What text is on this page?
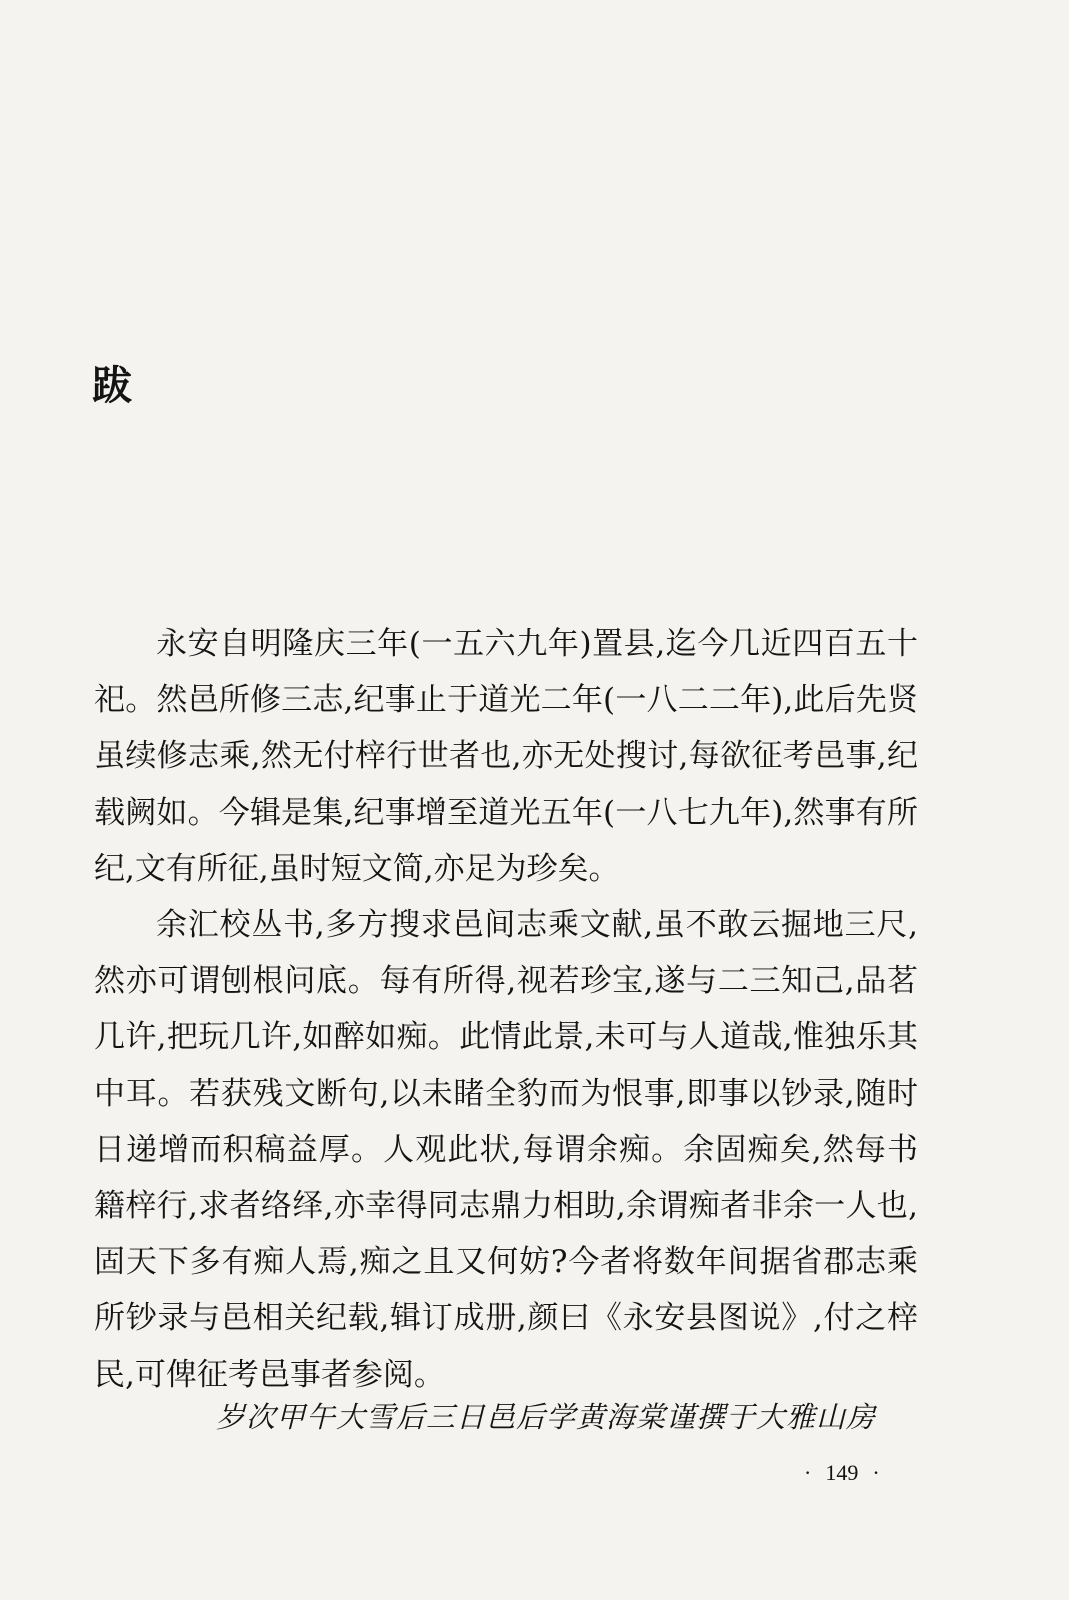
跋

永安自明隆庆三年(一五六九年)置县,迄今几近四百五十祀。然邑所修三志,纪事止于道光二年(一八二二年),此后先贤虽续修志乘,然无付梓行世者也,亦无处搜讨,每欲征考邑事,纪载阙如。今辑是集,纪事增至道光五年(一八七九年),然事有所纪,文有所征,虽时短文简,亦足为珍矣。

余汇校丛书,多方搜求邑间志乘文献,虽不敢云掘地三尺,然亦可谓刨根问底。每有所得,视若珍宝,遂与二三知己,品茗几许,把玩几许,如醉如痴。此情此景,未可与人道哉,惟独乐其中耳。若获残文断句,以未睹全豹而为恨事,即事以钞录,随时日递增而积稿益厚。人观此状,每谓余痴。余固痴矣,然每书籍梓行,求者络绎,亦幸得同志鼎力相助,余谓痴者非余一人也,固天下多有痴人焉,痴之且又何妨?今者将数年间据省郡志乘所钞录与邑相关纪载,辑订成册,颜曰《永安县图说》,付之梓民,可俾征考邑事者参阅。

岁次甲午大雪后三日邑后学黄海棠谨撰于大雅山房
· 149 ·
